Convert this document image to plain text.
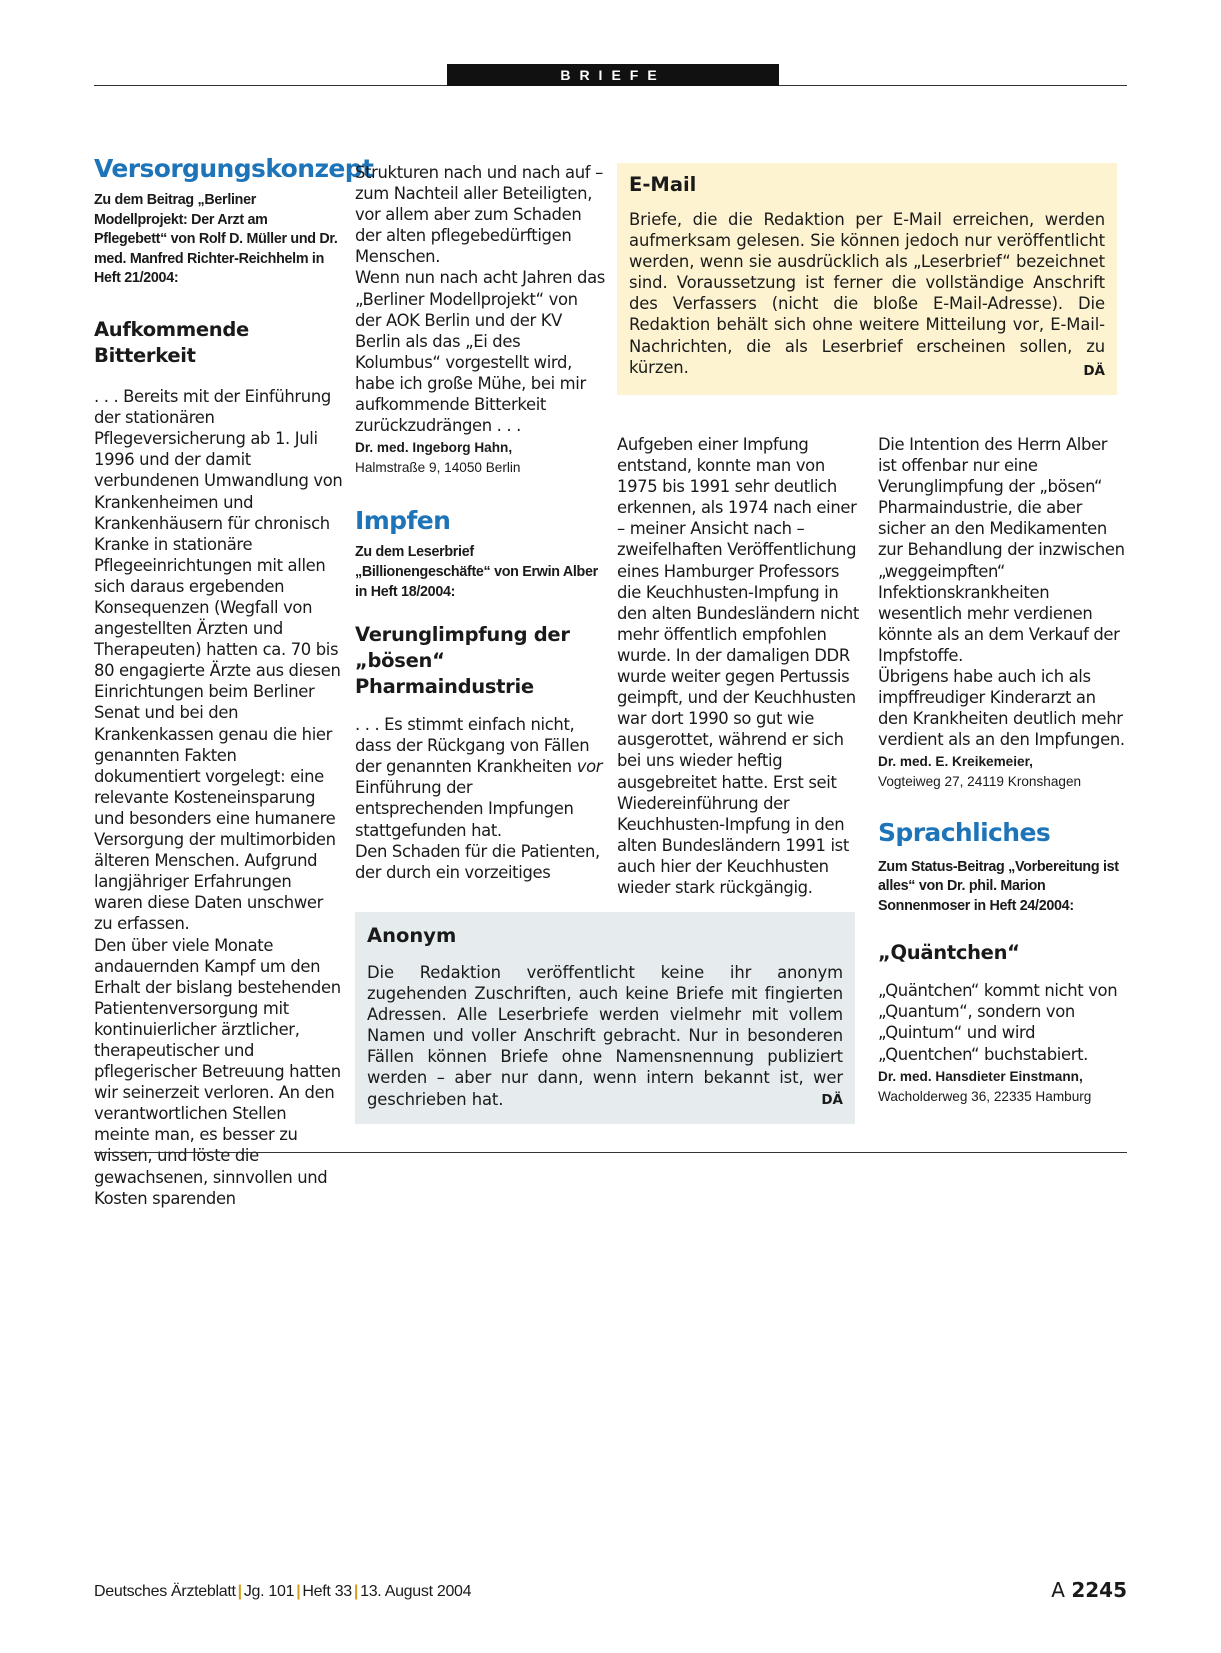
BRIEFE
Versorgungskonzept
Zu dem Beitrag „Berliner Modellprojekt: Der Arzt am Pflegebett“ von Rolf D. Müller und Dr. med. Manfred Richter-Reichhelm in Heft 21/2004:
Aufkommende Bitterkeit

. . . Bereits mit der Einführung der stationären Pflegeversicherung ab 1. Juli 1996 und der damit verbundenen Umwandlung von Krankenheimen und Krankenhäusern für chronisch Kranke in stationäre Pflegeeinrichtungen mit allen sich daraus ergebenden Konsequenzen (Wegfall von angestellten Ärzten und Therapeuten) hatten ca. 70 bis 80 engagierte Ärzte aus diesen Einrichtungen beim Berliner Senat und bei den Krankenkassen genau die hier genannten Fakten dokumentiert vorgelegt: eine relevante Kosteneinsparung und besonders eine humanere Versorgung der multimorbiden älteren Menschen. Aufgrund langjähriger Erfahrungen waren diese Daten unschwer zu erfassen.

Den über viele Monate andauernden Kampf um den Erhalt der bislang bestehenden Patientenversorgung mit kontinuierlicher ärztlicher, therapeutischer und pflegerischer Betreuung hatten wir seinerzeit verloren. An den verantwortlichen Stellen meinte man, es besser zu wissen, und löste die gewachsenen, sinnvollen und Kosten sparenden

Strukturen nach und nach auf – zum Nachteil aller Beteiligten, vor allem aber zum Schaden der alten pflegebedürftigen Menschen.

Wenn nun nach acht Jahren das „Berliner Modellprojekt“ von der AOK Berlin und der KV Berlin als das „Ei des Kolumbus“ vorgestellt wird, habe ich große Mühe, bei mir aufkommende Bitterkeit zurückzudrängen . . .

Dr. med. Ingeborg Hahn,
Halmstraße 9, 14050 Berlin
Impfen
Zu dem Leserbrief „Billionengeschäfte“ von Erwin Alber in Heft 18/2004:
Verunglimpfung der „bösen“ Pharmaindustrie

. . . Es stimmt einfach nicht, dass der Rückgang von Fällen der genannten Krankheiten vor Einführung der entsprechenden Impfungen stattgefunden hat.

Den Schaden für die Patienten, der durch ein vorzeitiges

E-Mail
Briefe, die die Redaktion per E-Mail erreichen, werden aufmerksam gelesen. Sie können jedoch nur veröffentlicht werden, wenn sie ausdrücklich als „Leserbrief“ bezeichnet sind. Voraussetzung ist ferner die vollständige Anschrift des Verfassers (nicht die bloße E-Mail-Adresse). Die Redaktion behält sich ohne weitere Mitteilung vor, E-Mail-Nachrichten, die als Leserbrief erscheinen sollen, zu kürzen.	DÄ

Aufgeben einer Impfung entstand, konnte man von 1975 bis 1991 sehr deutlich erkennen, als 1974 nach einer – meiner Ansicht nach – zweifelhaften Veröffentlichung eines Hamburger Professors die Keuchhusten-Impfung in den alten Bundesländern nicht mehr öffentlich empfohlen wurde. In der damaligen DDR wurde weiter gegen Pertussis geimpft, und der Keuchhusten war dort 1990 so gut wie ausgerottet, während er sich bei uns wieder heftig ausgebreitet hatte. Erst seit Wiedereinführung der Keuchhusten-Impfung in den alten Bundesländern 1991 ist auch hier der Keuchhusten wieder stark rückgängig.

Die Intention des Herrn Alber ist offenbar nur eine Verunglimpfung der „bösen“ Pharmaindustrie, die aber sicher an den Medikamenten zur Behandlung der inzwischen „weggeimpften“ Infektionskrankheiten wesentlich mehr verdienen könnte als an dem Verkauf der Impfstoffe.

Übrigens habe auch ich als impffreudiger Kinderarzt an den Krankheiten deutlich mehr verdient als an den Impfungen.

Dr. med. E. Kreikemeier,
Vogteiweg 27, 24119 Kronshagen
Sprachliches
Zum Status-Beitrag „Vorbereitung ist alles“ von Dr. phil. Marion Sonnenmoser in Heft 24/2004:
„Quäntchen“

„Quäntchen“ kommt nicht von „Quantum“, sondern von „Quintum“ und wird „Quentchen“ buchstabiert.

Dr. med. Hansdieter Einstmann,
Wacholderweg 36, 22335 Hamburg
Anonym
Die Redaktion veröffentlicht keine ihr anonym zugehenden Zuschriften, auch keine Briefe mit fingierten Adressen. Alle Leserbriefe werden vielmehr mit vollem Namen und voller Anschrift gebracht. Nur in besonderen Fällen können Briefe ohne Namensnennung publiziert werden – aber nur dann, wenn intern bekannt ist, wer geschrieben hat.	DÄ
Deutsches Ärzteblatt | Jg. 101 | Heft 33 | 13. August 2004	A 2245
